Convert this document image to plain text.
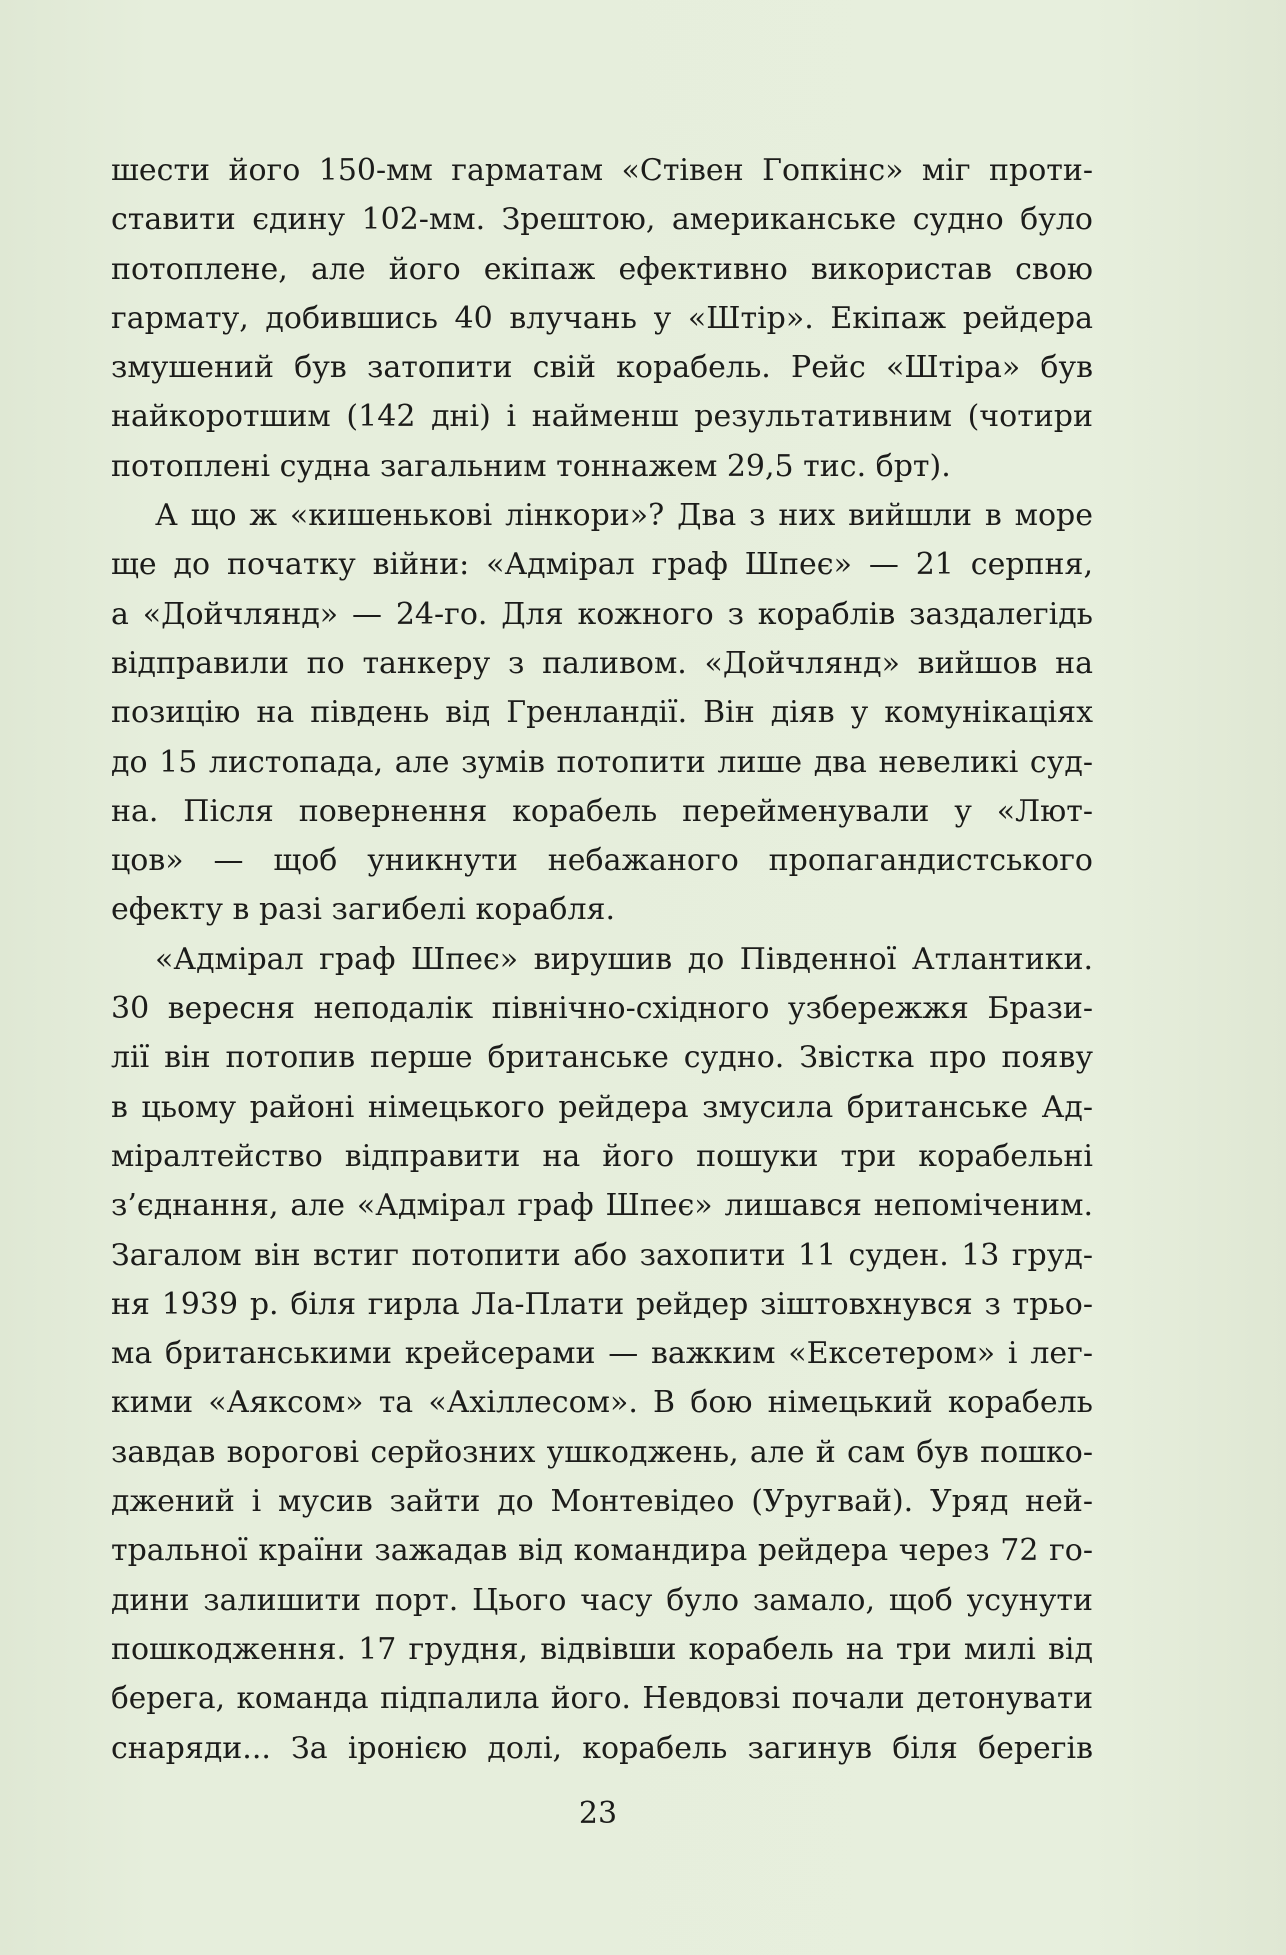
шести його 150-мм гарматам «Стівен Гопкінс» міг проти-
ставити єдину 102-мм. Зрештою, американське судно було
потоплене, але його екіпаж ефективно використав свою
гармату, добившись 40 влучань у «Штір». Екіпаж рейдера
змушений був затопити свій корабель. Рейс «Штіра» був
найкоротшим (142 дні) і найменш результативним (чотири
потоплені судна загальним тоннажем 29,5 тис. брт).
А що ж «кишенькові лінкори»? Два з них вийшли в море
ще до початку війни: «Адмірал граф Шпеє» — 21 серпня,
а «Дойчлянд» — 24-го. Для кожного з кораблів заздалегідь
відправили по танкеру з паливом. «Дойчлянд» вийшов на
позицію на південь від Гренландії. Він діяв у комунікаціях
до 15 листопада, але зумів потопити лише два невеликі суд-
на. Після повернення корабель перейменували у «Лют-
цов» — щоб уникнути небажаного пропагандистського
ефекту в разі загибелі корабля.
«Адмірал граф Шпеє» вирушив до Південної Атлантики.
30 вересня неподалік північно-східного узбережжя Брази-
лії він потопив перше британське судно. Звістка про появу
в цьому районі німецького рейдера змусила британське Ад-
міралтейство відправити на його пошуки три корабельні
з’єднання, але «Адмірал граф Шпеє» лишався непоміченим.
Загалом він встиг потопити або захопити 11 суден. 13 груд-
ня 1939 р. біля гирла Ла-Плати рейдер зіштовхнувся з трьо-
ма британськими крейсерами — важким «Ексетером» і лег-
кими «Аяксом» та «Ахіллесом». В бою німецький корабель
завдав ворогові серйозних ушкоджень, але й сам був пошко-
джений і мусив зайти до Монтевідео (Уругвай). Уряд ней-
тральної країни зажадав від командира рейдера через 72 го-
дини залишити порт. Цього часу було замало, щоб усунути
пошкодження. 17 грудня, відвівши корабель на три милі від
берега, команда підпалила його. Невдовзі почали детонувати
снаряди... За іронією долі, корабель загинув біля берегів
23
